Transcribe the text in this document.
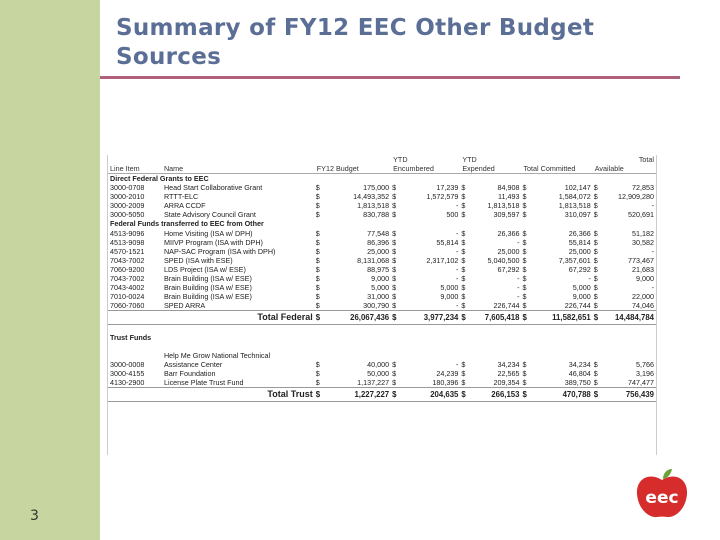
Summary of FY12 EEC Other Budget
Sources
				YTD		YTD				Total	
Line Item	Name	FY12 Budget		Encumbered		Expended		Total Committed		Available	
Direct Federal Grants to EEC											
3000-0708	Head Start Collaborative Grant	$	175,000	$	17,239	$	84,908	$	102,147	$	72,853
3000-2010	RTTT-ELC	$	14,493,352	$	1,572,579	$	11,493	$	1,584,072	$	12,909,280
3000-2009	ARRA CCDF	$	1,813,518	$	-	$	1,813,518	$	1,813,518	$	-
3000-5050	State Advisory Council Grant	$	830,788	$	500	$	309,597	$	310,097	$	520,691
Federal Funds transferred to EEC from Other											
4513-9096	Home Visiting (ISA w/ DPH)	$	77,548	$	-	$	26,366	$	26,366	$	51,182
4513-9098	MIIVP Program (ISA with DPH)	$	86,396	$	55,814	$	-	$	55,814	$	30,582
4570-1521	NAP-SAC Program (ISA with DPH)	$	25,000	$	-	$	25,000	$	25,000	$	-
7043-7002	SPED (ISA with ESE)	$	8,131,068	$	2,317,102	$	5,040,500	$	7,357,601	$	773,467
7060-9200	LDS Project (ISA w/ ESE)	$	88,975	$	-	$	67,292	$	67,292	$	21,683
7043-7002	Brain Building (ISA w/ ESE)	$	9,000	$	-	$	-	$	-	$	9,000
7043-4002	Brain Building (ISA w/ ESE)	$	5,000	$	5,000	$	-	$	5,000	$	-
7010-0024	Brain Building (ISA w/ ESE)	$	31,000	$	9,000	$	-	$	9,000	$	22,000
7060-7060	SPED ARRA	$	300,790	$	-	$	226,744	$	226,744	$	74,046
Total Federal		$	26,067,436	$	3,977,234	$	7,605,418	$	11,582,651	$	14,484,784

Trust Funds											

	Help Me Grow National Technical										
3000-0008	Assistance Center	$	40,000	$	-	$	34,234	$	34,234	$	5,766
3000-4155	Barr Foundation	$	50,000	$	24,239	$	22,565	$	46,804	$	3,196
4130-2900	License Plate Trust Fund	$	1,137,227	$	180,396	$	209,354	$	389,750	$	747,477
Total Trust		$	1,227,227	$	204,635	$	266,153	$	470,788	$	756,439
3
eec
